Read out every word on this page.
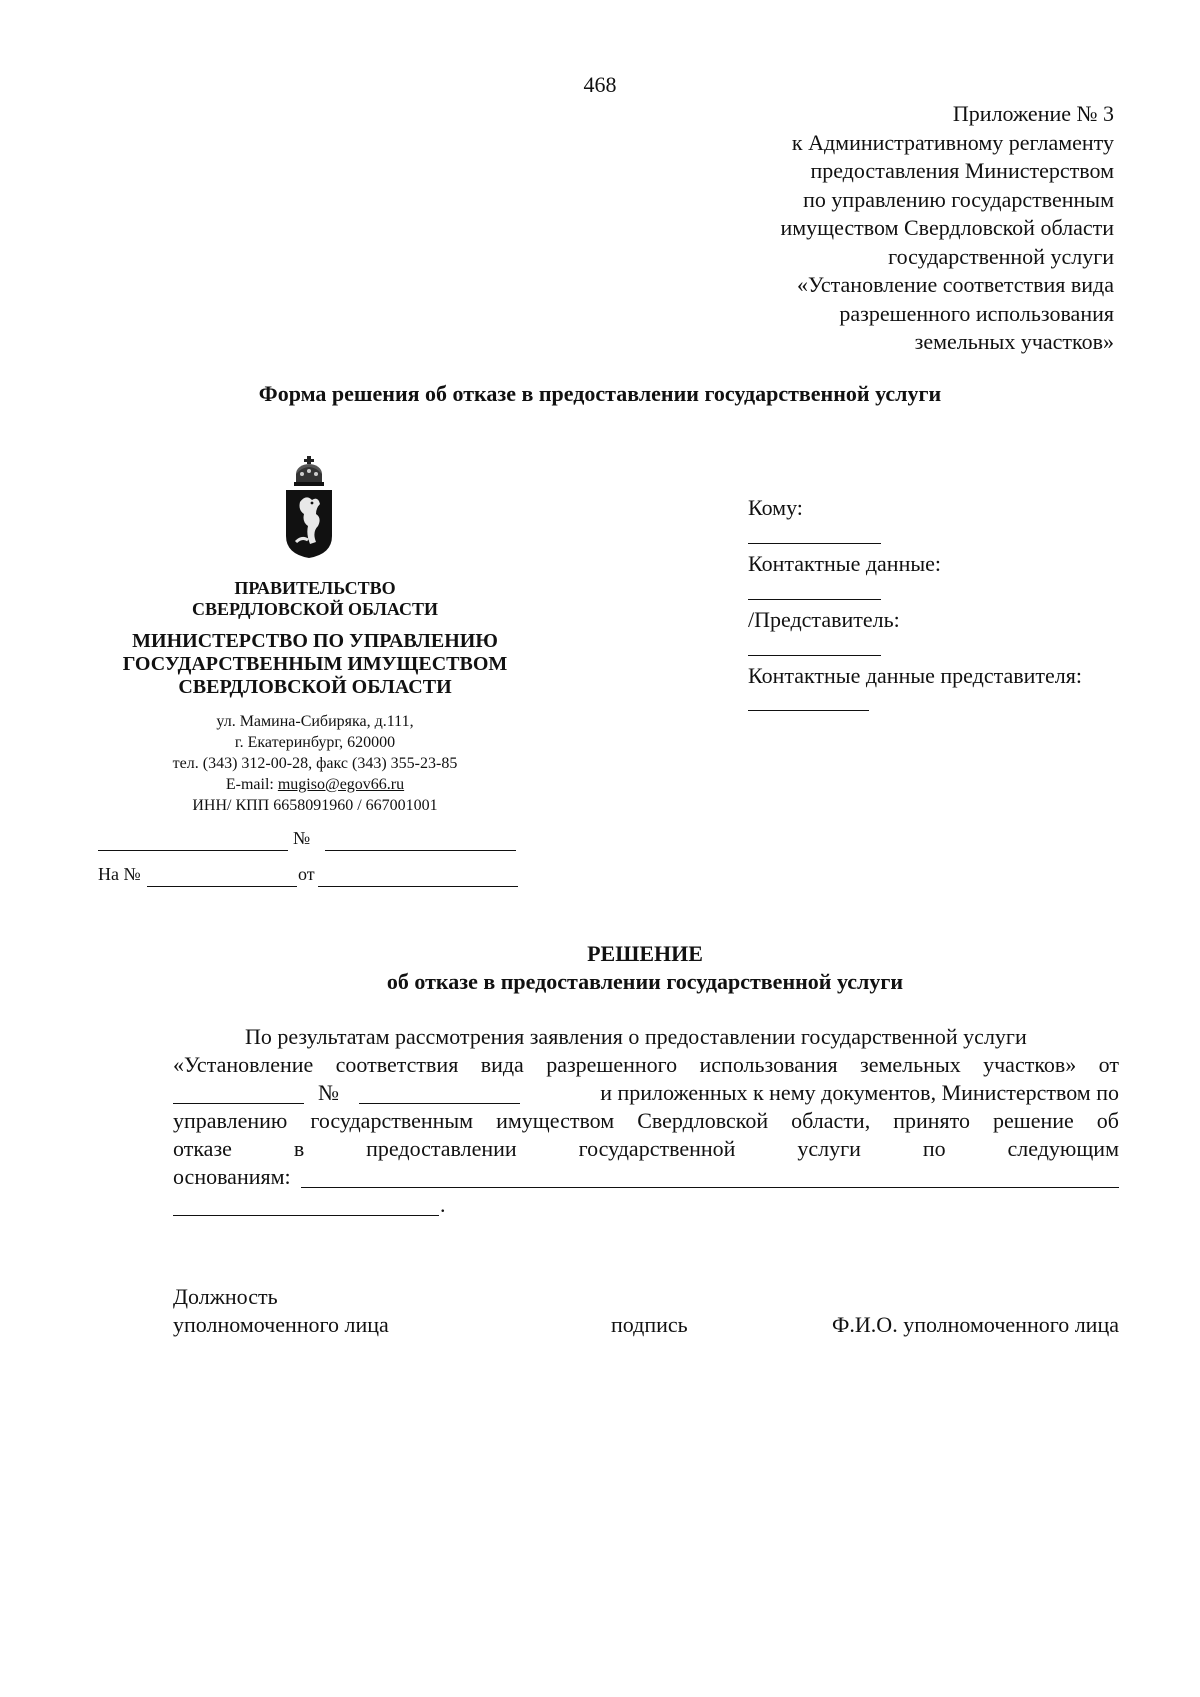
468
Приложение № 3
к Административному регламенту
предоставления Министерством
по управлению государственным
имуществом Свердловской области
государственной услуги
«Установление соответствия вида
разрешенного использования
земельных участков»
Форма решения об отказе в предоставлении государственной услуги
ПРАВИТЕЛЬСТВО
СВЕРДЛОВСКОЙ ОБЛАСТИ
МИНИСТЕРСТВО ПО УПРАВЛЕНИЮ
ГОСУДАРСТВЕННЫМ ИМУЩЕСТВОМ
СВЕРДЛОВСКОЙ ОБЛАСТИ
ул. Мамина-Сибиряка, д.111,
г. Екатеринбург, 620000
тел. (343) 312-00-28, факс (343) 355-23-85
E-mail: mugiso@egov66.ru
ИНН/ КПП 6658091960 / 667001001
№
На №	от
Кому:
Контактные данные:
/Представитель:
Контактные данные представителя:
РЕШЕНИЕ
об отказе в предоставлении государственной услуги
По результатам рассмотрения заявления о предоставлении государственной услуги
«Установление соответствия вида разрешенного использования земельных участков» от
№	и приложенных к нему документов, Министерством по
управлению государственным имуществом Свердловской области, принято решение об
отказе	в	предоставлении	государственной	услуги	по	следующим
основаниям:
.
Должность
уполномоченного лица	подпись	Ф.И.О. уполномоченного лица
